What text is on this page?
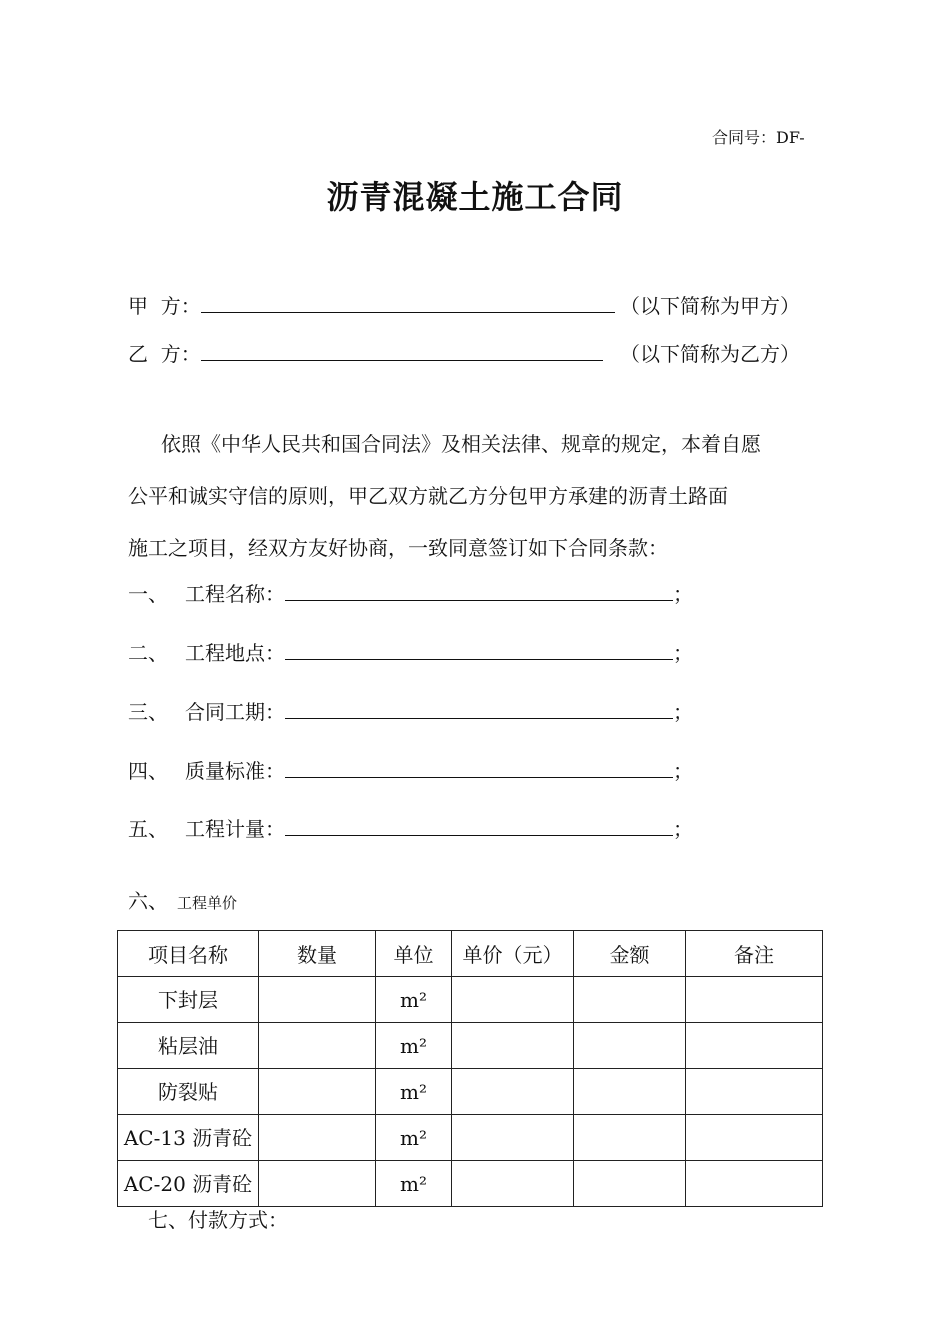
合同号：DF-
沥青混凝土施工合同
甲  方：	（以下简称为甲方）
乙  方：	（以下简称为乙方）

依照《中华人民共和国合同法》及相关法律、规章的规定，本着自愿

公平和诚实守信的原则，甲乙双方就乙方分包甲方承建的沥青土路面

施工之项目，经双方友好协商，一致同意签订如下合同条款：

一、 工程名称：	；
二、 工程地点：	；
三、 合同工期：	；
四、 质量标准：	；
五、 工程计量：	；
六、 工程单价
项目名称	数量	单位	单价（元）	金额	备注
下封层		m²			
粘层油		m²			
防裂贴		m²			
AC-13 沥青砼		m²			
AC-20 沥青砼		m²			
七、付款方式：
